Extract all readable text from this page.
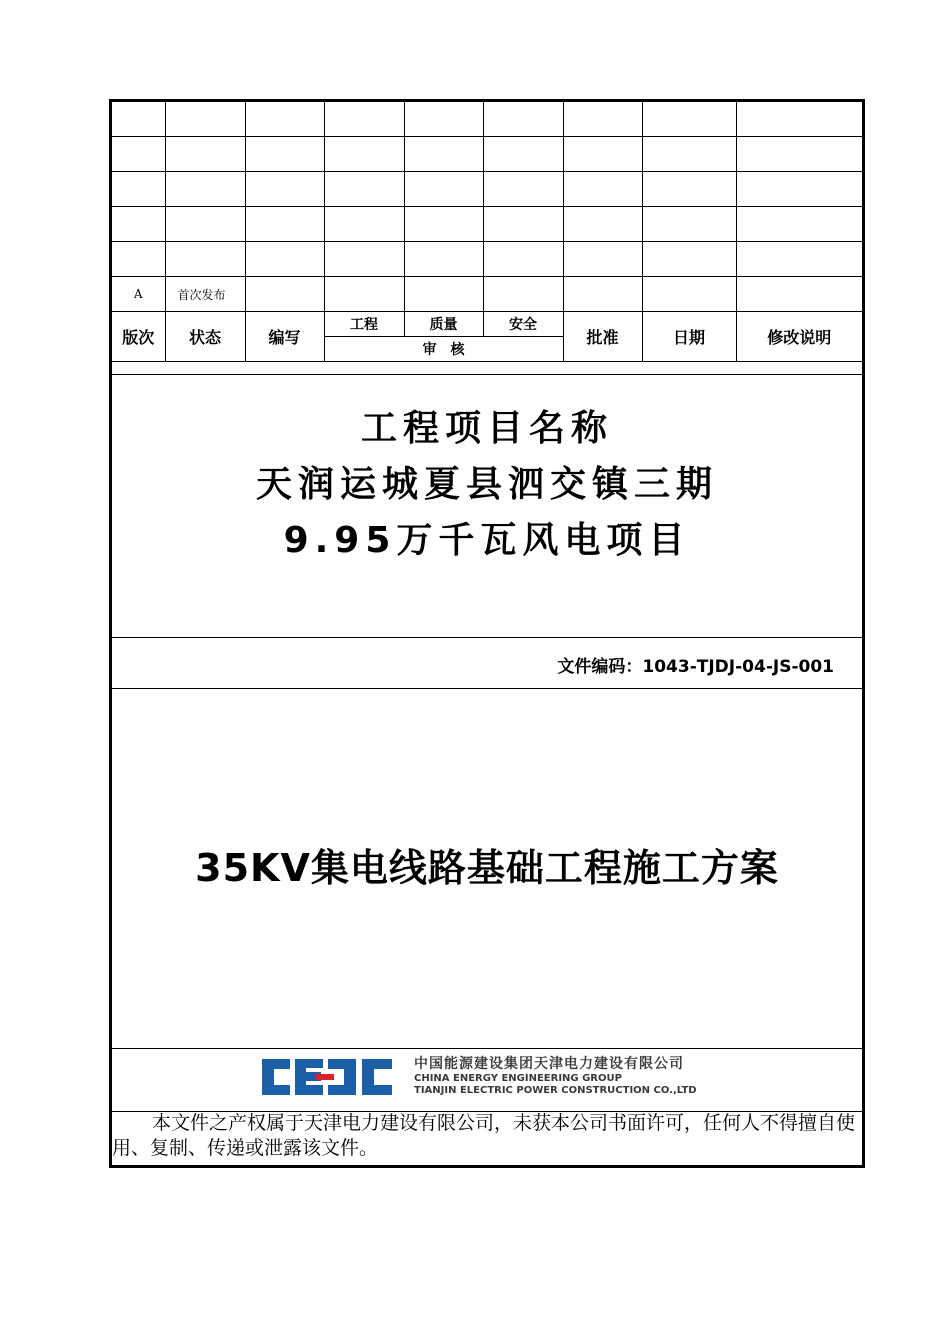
A	首次发布							
版次	状态	编写	工程	质量	安全	批准	日期	修改说明
			审　核					
工程项目名称
天润运城夏县泗交镇三期
9.95万千瓦风电项目
文件编码：1043-TJDJ-04-JS-001
35KV集电线路基础工程施工方案
中国能源建设集团天津电力建设有限公司
CHINA ENERGY ENGINEERING GROUP
TIANJIN ELECTRIC POWER CONSTRUCTION CO.,LTD
本文件之产权属于天津电力建设有限公司，未获本公司书面许可，任何人不得擅自使用、复制、传递或泄露该文件。
